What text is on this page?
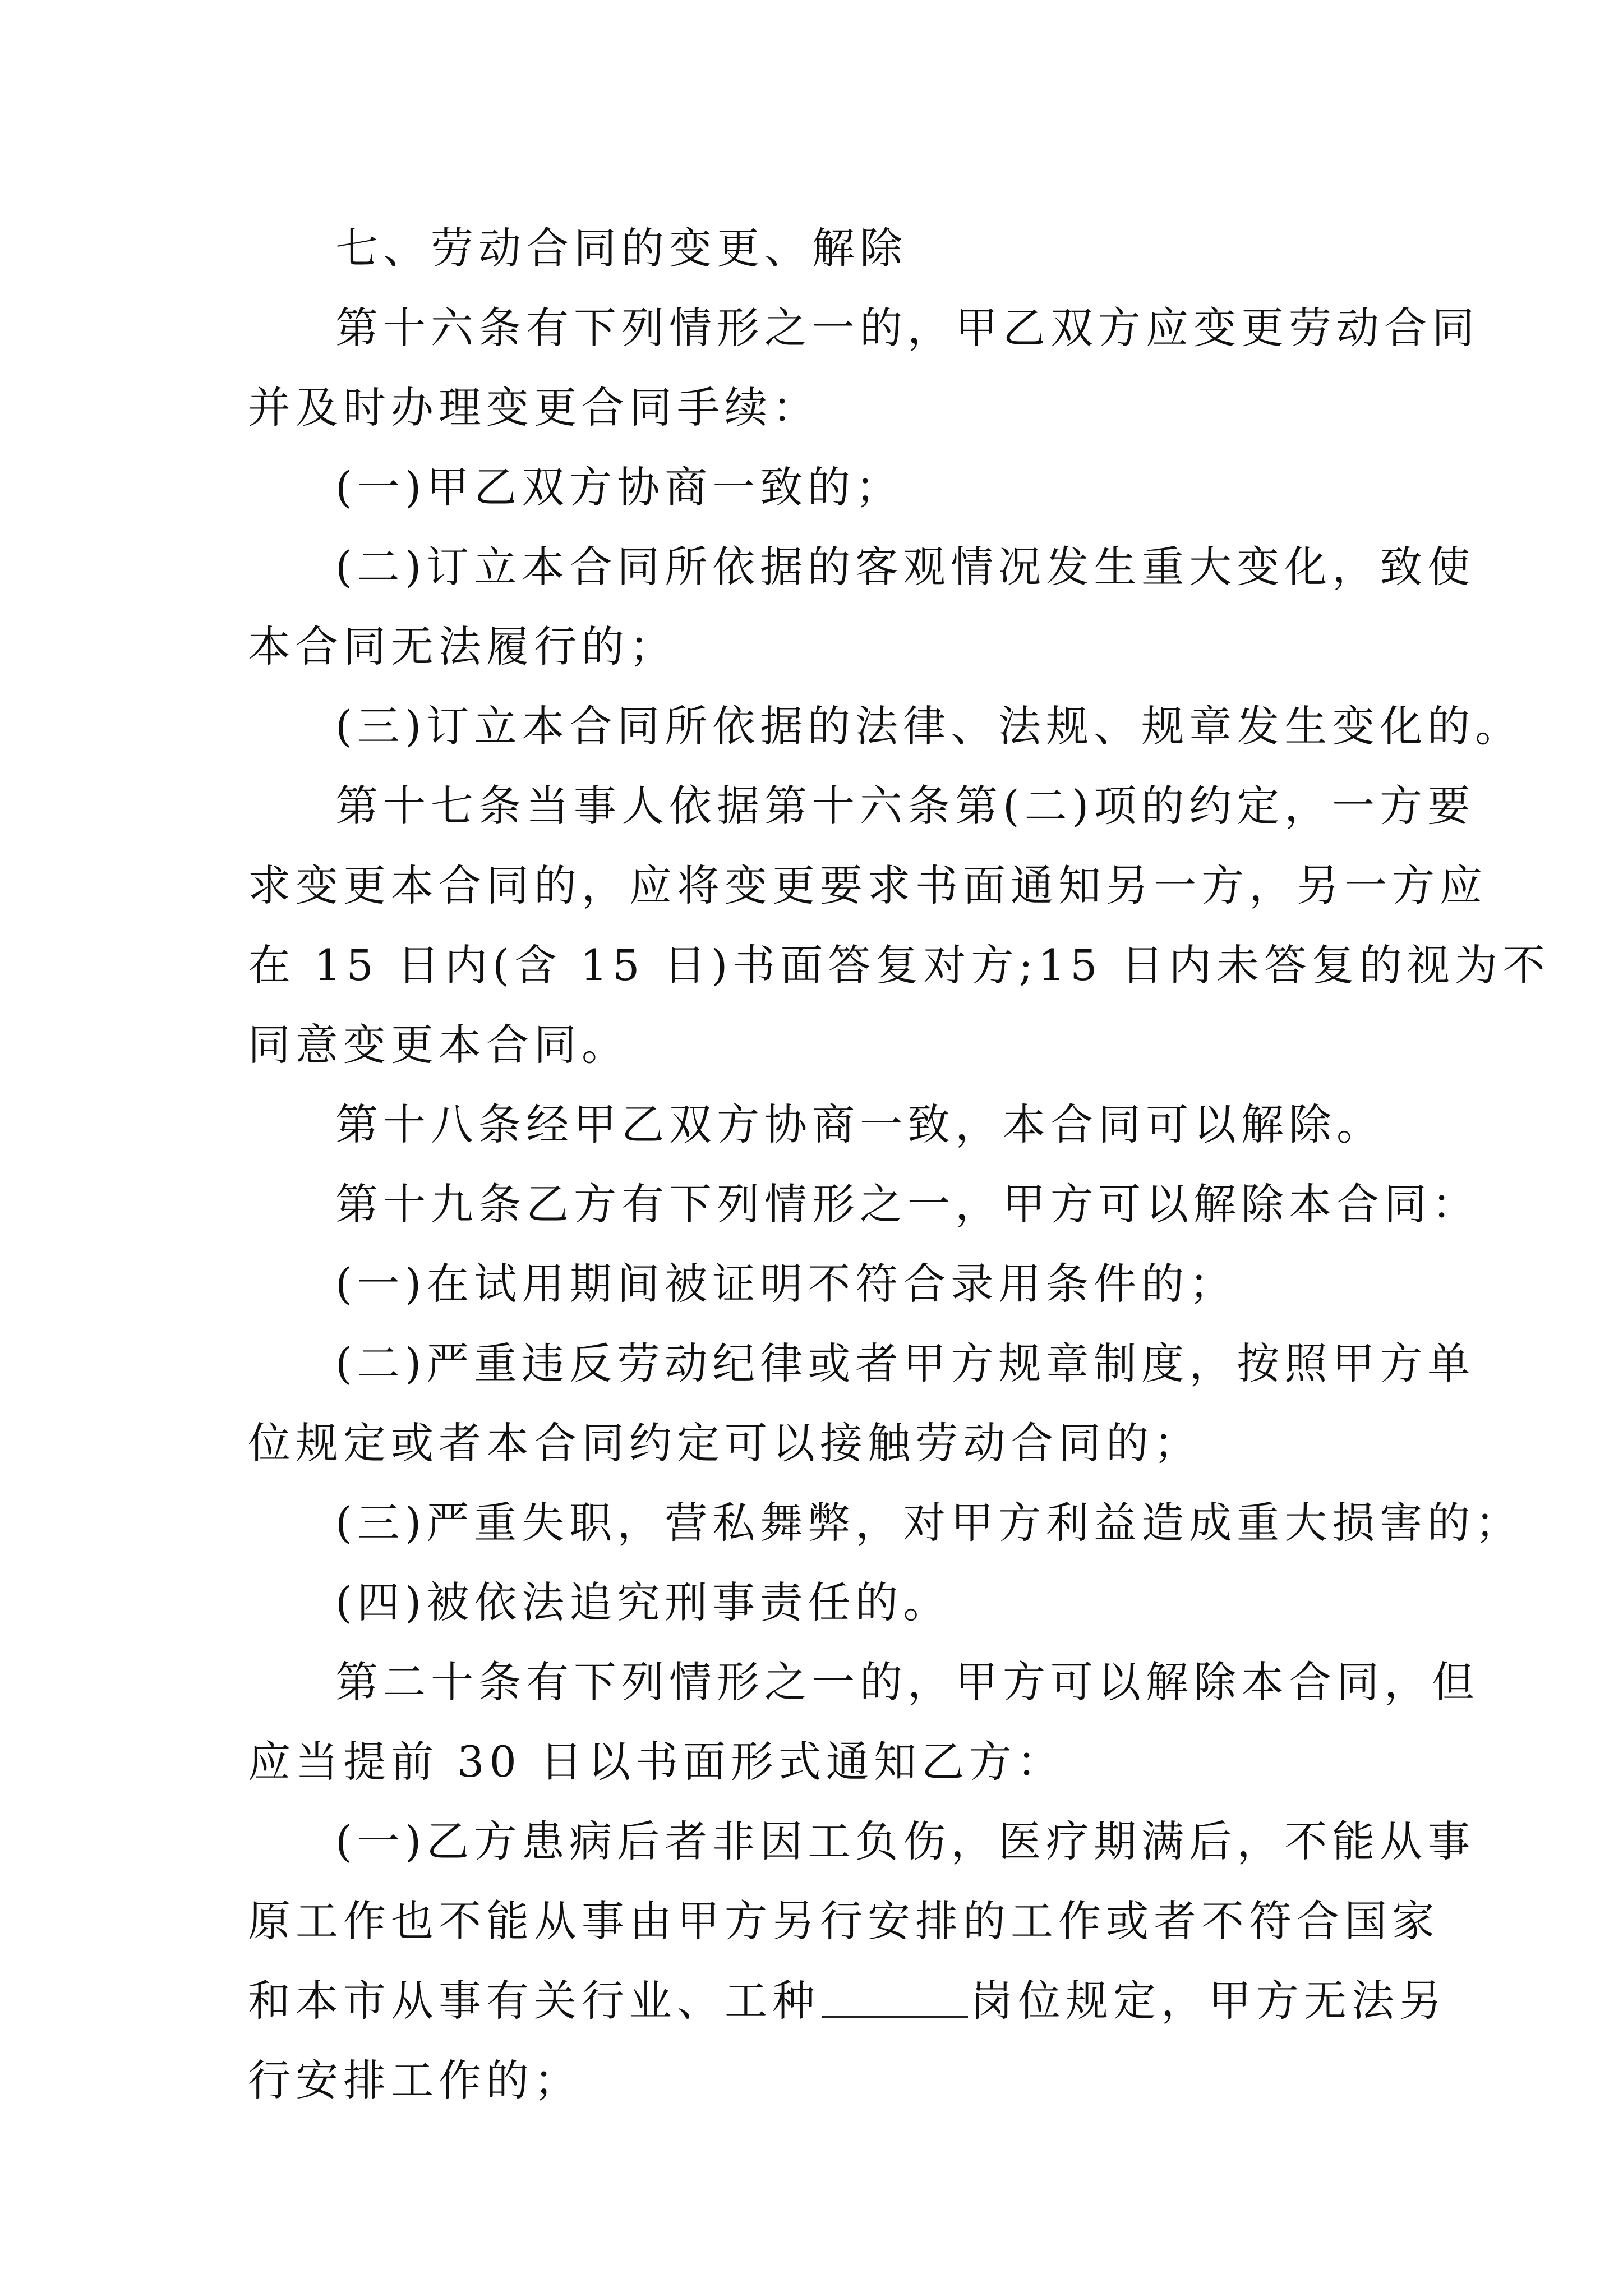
七、劳动合同的变更、解除
第十六条有下列情形之一的，甲乙双方应变更劳动合同
并及时办理变更合同手续：
(一)甲乙双方协商一致的；
(二)订立本合同所依据的客观情况发生重大变化，致使
本合同无法履行的；
(三)订立本合同所依据的法律、法规、规章发生变化的。
第十七条当事人依据第十六条第(二)项的约定，一方要
求变更本合同的，应将变更要求书面通知另一方，另一方应
在 15 日内(含 15 日)书面答复对方;15 日内未答复的视为不
同意变更本合同。
第十八条经甲乙双方协商一致，本合同可以解除。
第十九条乙方有下列情形之一，甲方可以解除本合同：
(一)在试用期间被证明不符合录用条件的；
(二)严重违反劳动纪律或者甲方规章制度，按照甲方单
位规定或者本合同约定可以接触劳动合同的；
(三)严重失职，营私舞弊，对甲方利益造成重大损害的；
(四)被依法追究刑事责任的。
第二十条有下列情形之一的，甲方可以解除本合同，但
应当提前 30 日以书面形式通知乙方：
(一)乙方患病后者非因工负伤，医疗期满后，不能从事
原工作也不能从事由甲方另行安排的工作或者不符合国家
和本市从事有关行业、工种	岗位规定，甲方无法另
行安排工作的；
